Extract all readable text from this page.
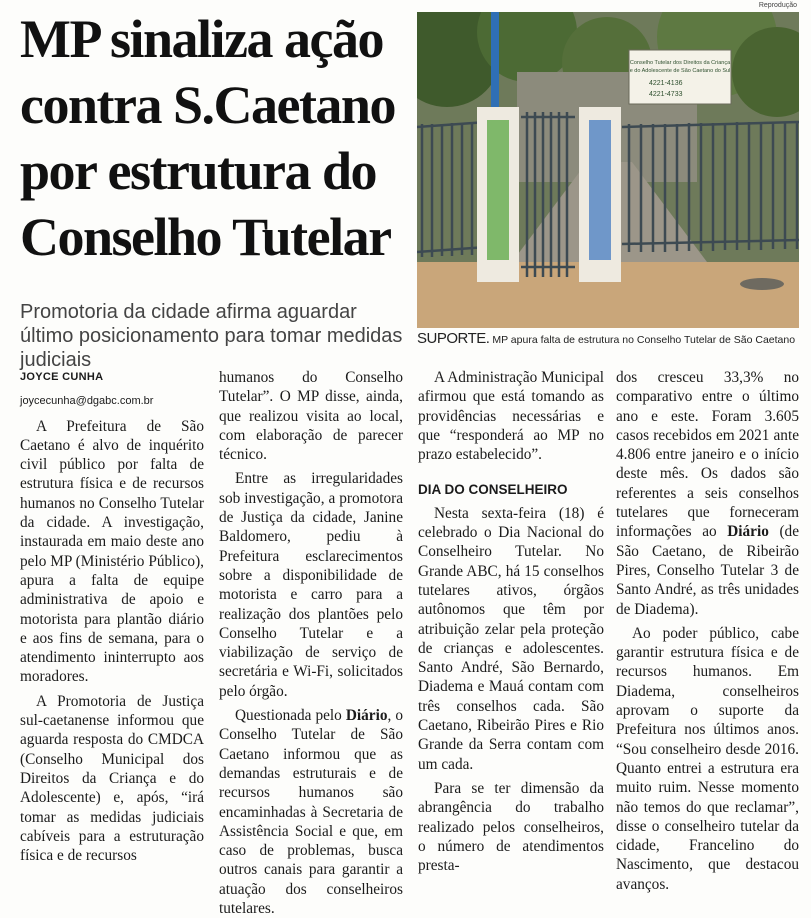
MP sinaliza ação contra S.Caetano por estrutura do Conselho Tutelar
Reprodução
Conselho Tutelar dos Direitos da Criança
e do Adolescente de São Caetano do Sul
4221-4136
4221-4733
SUPORTE. MP apura falta de estrutura no Conselho Tutelar de São Caetano

Promotoria da cidade afirma aguardar último posicionamento para tomar medidas judiciais

JOYCE CUNHA

joycecunha@dgabc.com.br

A Prefeitura de São Caetano é alvo de inquérito civil público por falta de estrutura física e de recursos humanos no Conselho Tutelar da cidade. A investigação, instaurada em maio deste ano pelo MP (Ministério Público), apura a falta de equipe administrativa de apoio e motorista para plantão diário e aos fins de semana, para o atendimento ininterrupto aos moradores.

A Promotoria de Justiça sul-caetanense informou que aguarda resposta do CMDCA (Conselho Municipal dos Direitos da Criança e do Adolescente) e, após, “irá tomar as medidas judiciais cabíveis para a estruturação física e de recursos

humanos do Conselho Tutelar”. O MP disse, ainda, que realizou visita ao local, com elaboração de parecer técnico.

Entre as irregularidades sob investigação, a promotora de Justiça da cidade, Janine Baldomero, pediu à Prefeitura esclarecimentos sobre a disponibilidade de motorista e carro para a realização dos plantões pelo Conselho Tutelar e a viabilização de serviço de secretária e Wi-Fi, solicitados pelo órgão.

Questionada pelo Diário, o Conselho Tutelar de São Caetano informou que as demandas estruturais e de recursos humanos são encaminhadas à Secretaria de Assistência Social e que, em caso de problemas, busca outros canais para garantir a atuação dos conselheiros tutelares.

A Administração Municipal afirmou que está tomando as providências necessárias e que “responderá ao MP no prazo estabelecido”.

DIA DO CONSELHEIRO

Nesta sexta-feira (18) é celebrado o Dia Nacional do Conselheiro Tutelar. No Grande ABC, há 15 conselhos tutelares ativos, órgãos autônomos que têm por atribuição zelar pela proteção de crianças e adolescentes. Santo André, São Bernardo, Diadema e Mauá contam com três conselhos cada. São Caetano, Ribeirão Pires e Rio Grande da Serra contam com um cada.

Para se ter dimensão da abrangência do trabalho realizado pelos conselheiros, o número de atendimentos presta-

dos cresceu 33,3% no comparativo entre o último ano e este. Foram 3.605 casos recebidos em 2021 ante 4.806 entre janeiro e o início deste mês. Os dados são referentes a seis conselhos tutelares que forneceram informações ao Diário (de São Caetano, de Ribeirão Pires, Conselho Tutelar 3 de Santo André, as três unidades de Diadema).

Ao poder público, cabe garantir estrutura física e de recursos humanos. Em Diadema, conselheiros aprovam o suporte da Prefeitura nos últimos anos. “Sou conselheiro desde 2016. Quanto entrei a estrutura era muito ruim. Nesse momento não temos do que reclamar”, disse o conselheiro tutelar da cidade, Francelino do Nascimento, que destacou avanços.
